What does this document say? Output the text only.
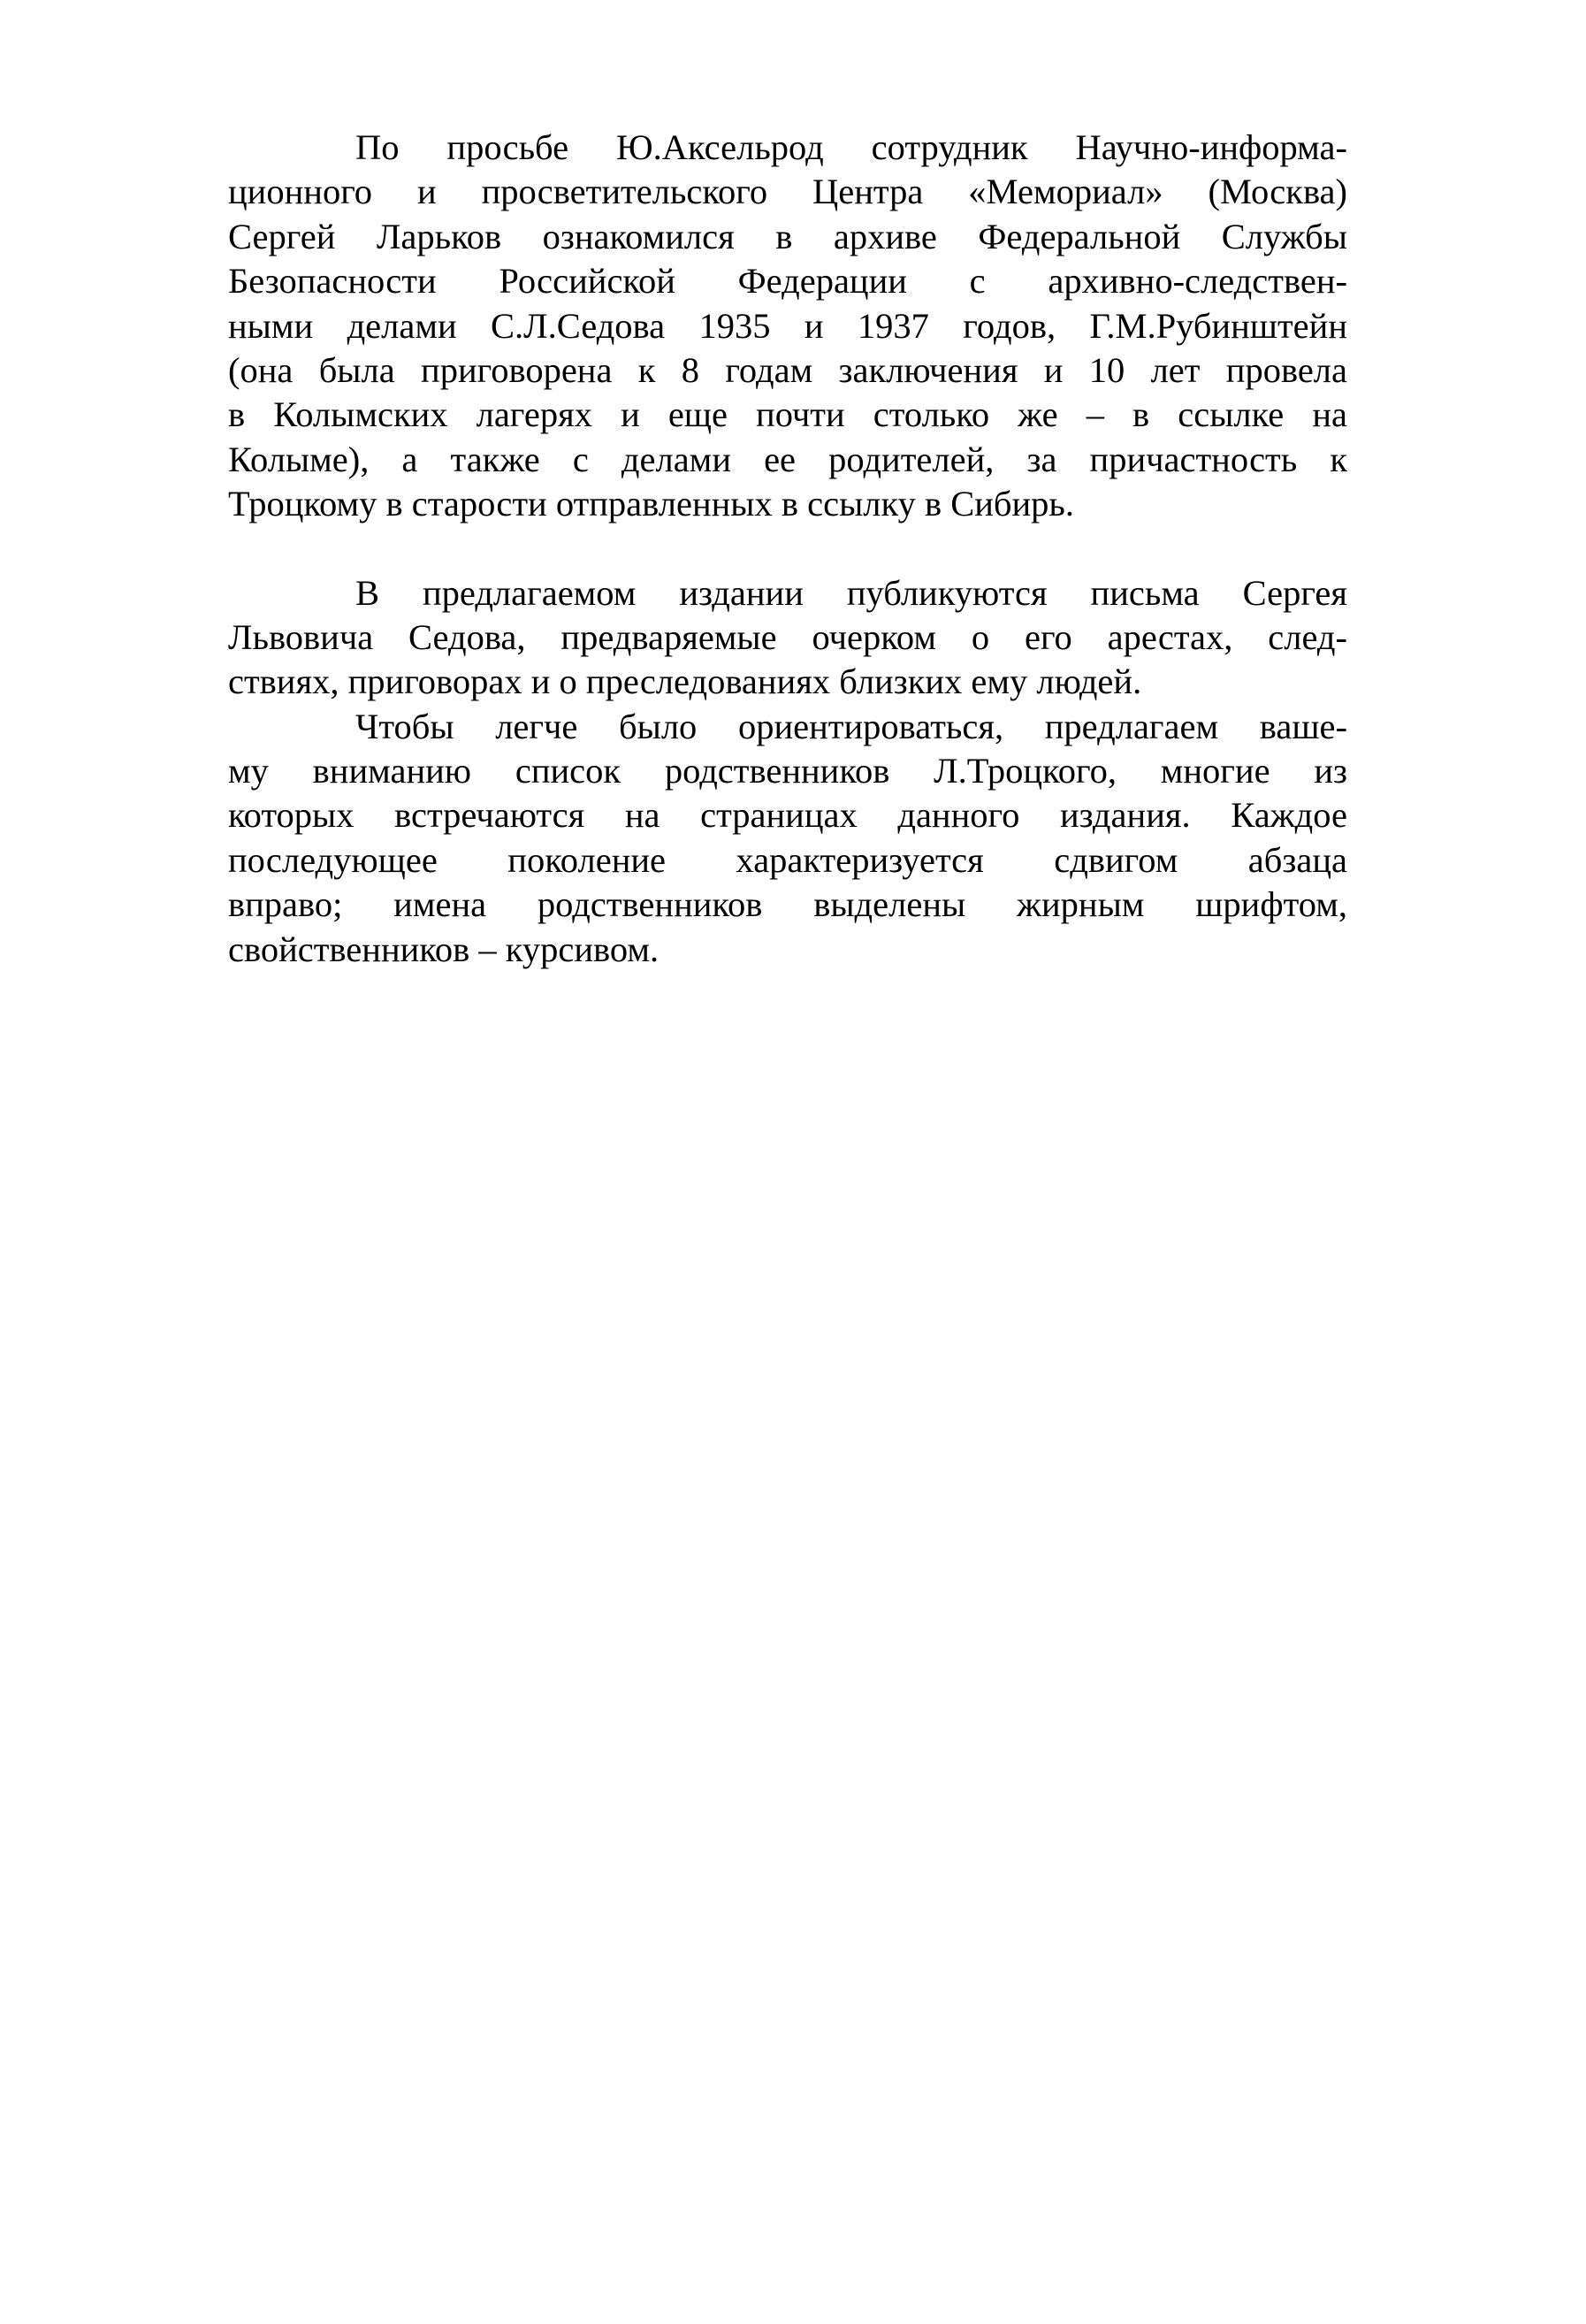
По просьбе Ю.Аксельрод сотрудник Научно-информа-
ционного и просветительского Центра «Мемориал» (Москва)
Сергей Ларьков ознакомился в архиве Федеральной Службы
Безопасности Российской Федерации с архивно-следствен-
ными делами С.Л.Седова 1935 и 1937 годов, Г.М.Рубинштейн
(она была приговорена к 8 годам заключения и 10 лет провела
в Колымских лагерях и еще почти столько же – в ссылке на
Колыме), а также с делами ее родителей, за причастность к
Троцкому в старости отправленных в ссылку в Сибирь.
В предлагаемом издании публикуются письма Сергея
Львовича Седова, предваряемые очерком о его арестах, след-
ствиях, приговорах и о преследованиях близких ему людей.
Чтобы легче было ориентироваться, предлагаем ваше-
му вниманию список родственников Л.Троцкого, многие из
которых встречаются на страницах данного издания. Каждое
последующее поколение характеризуется сдвигом абзаца
вправо; имена родственников выделены жирным шрифтом,
свойственников – курсивом.
